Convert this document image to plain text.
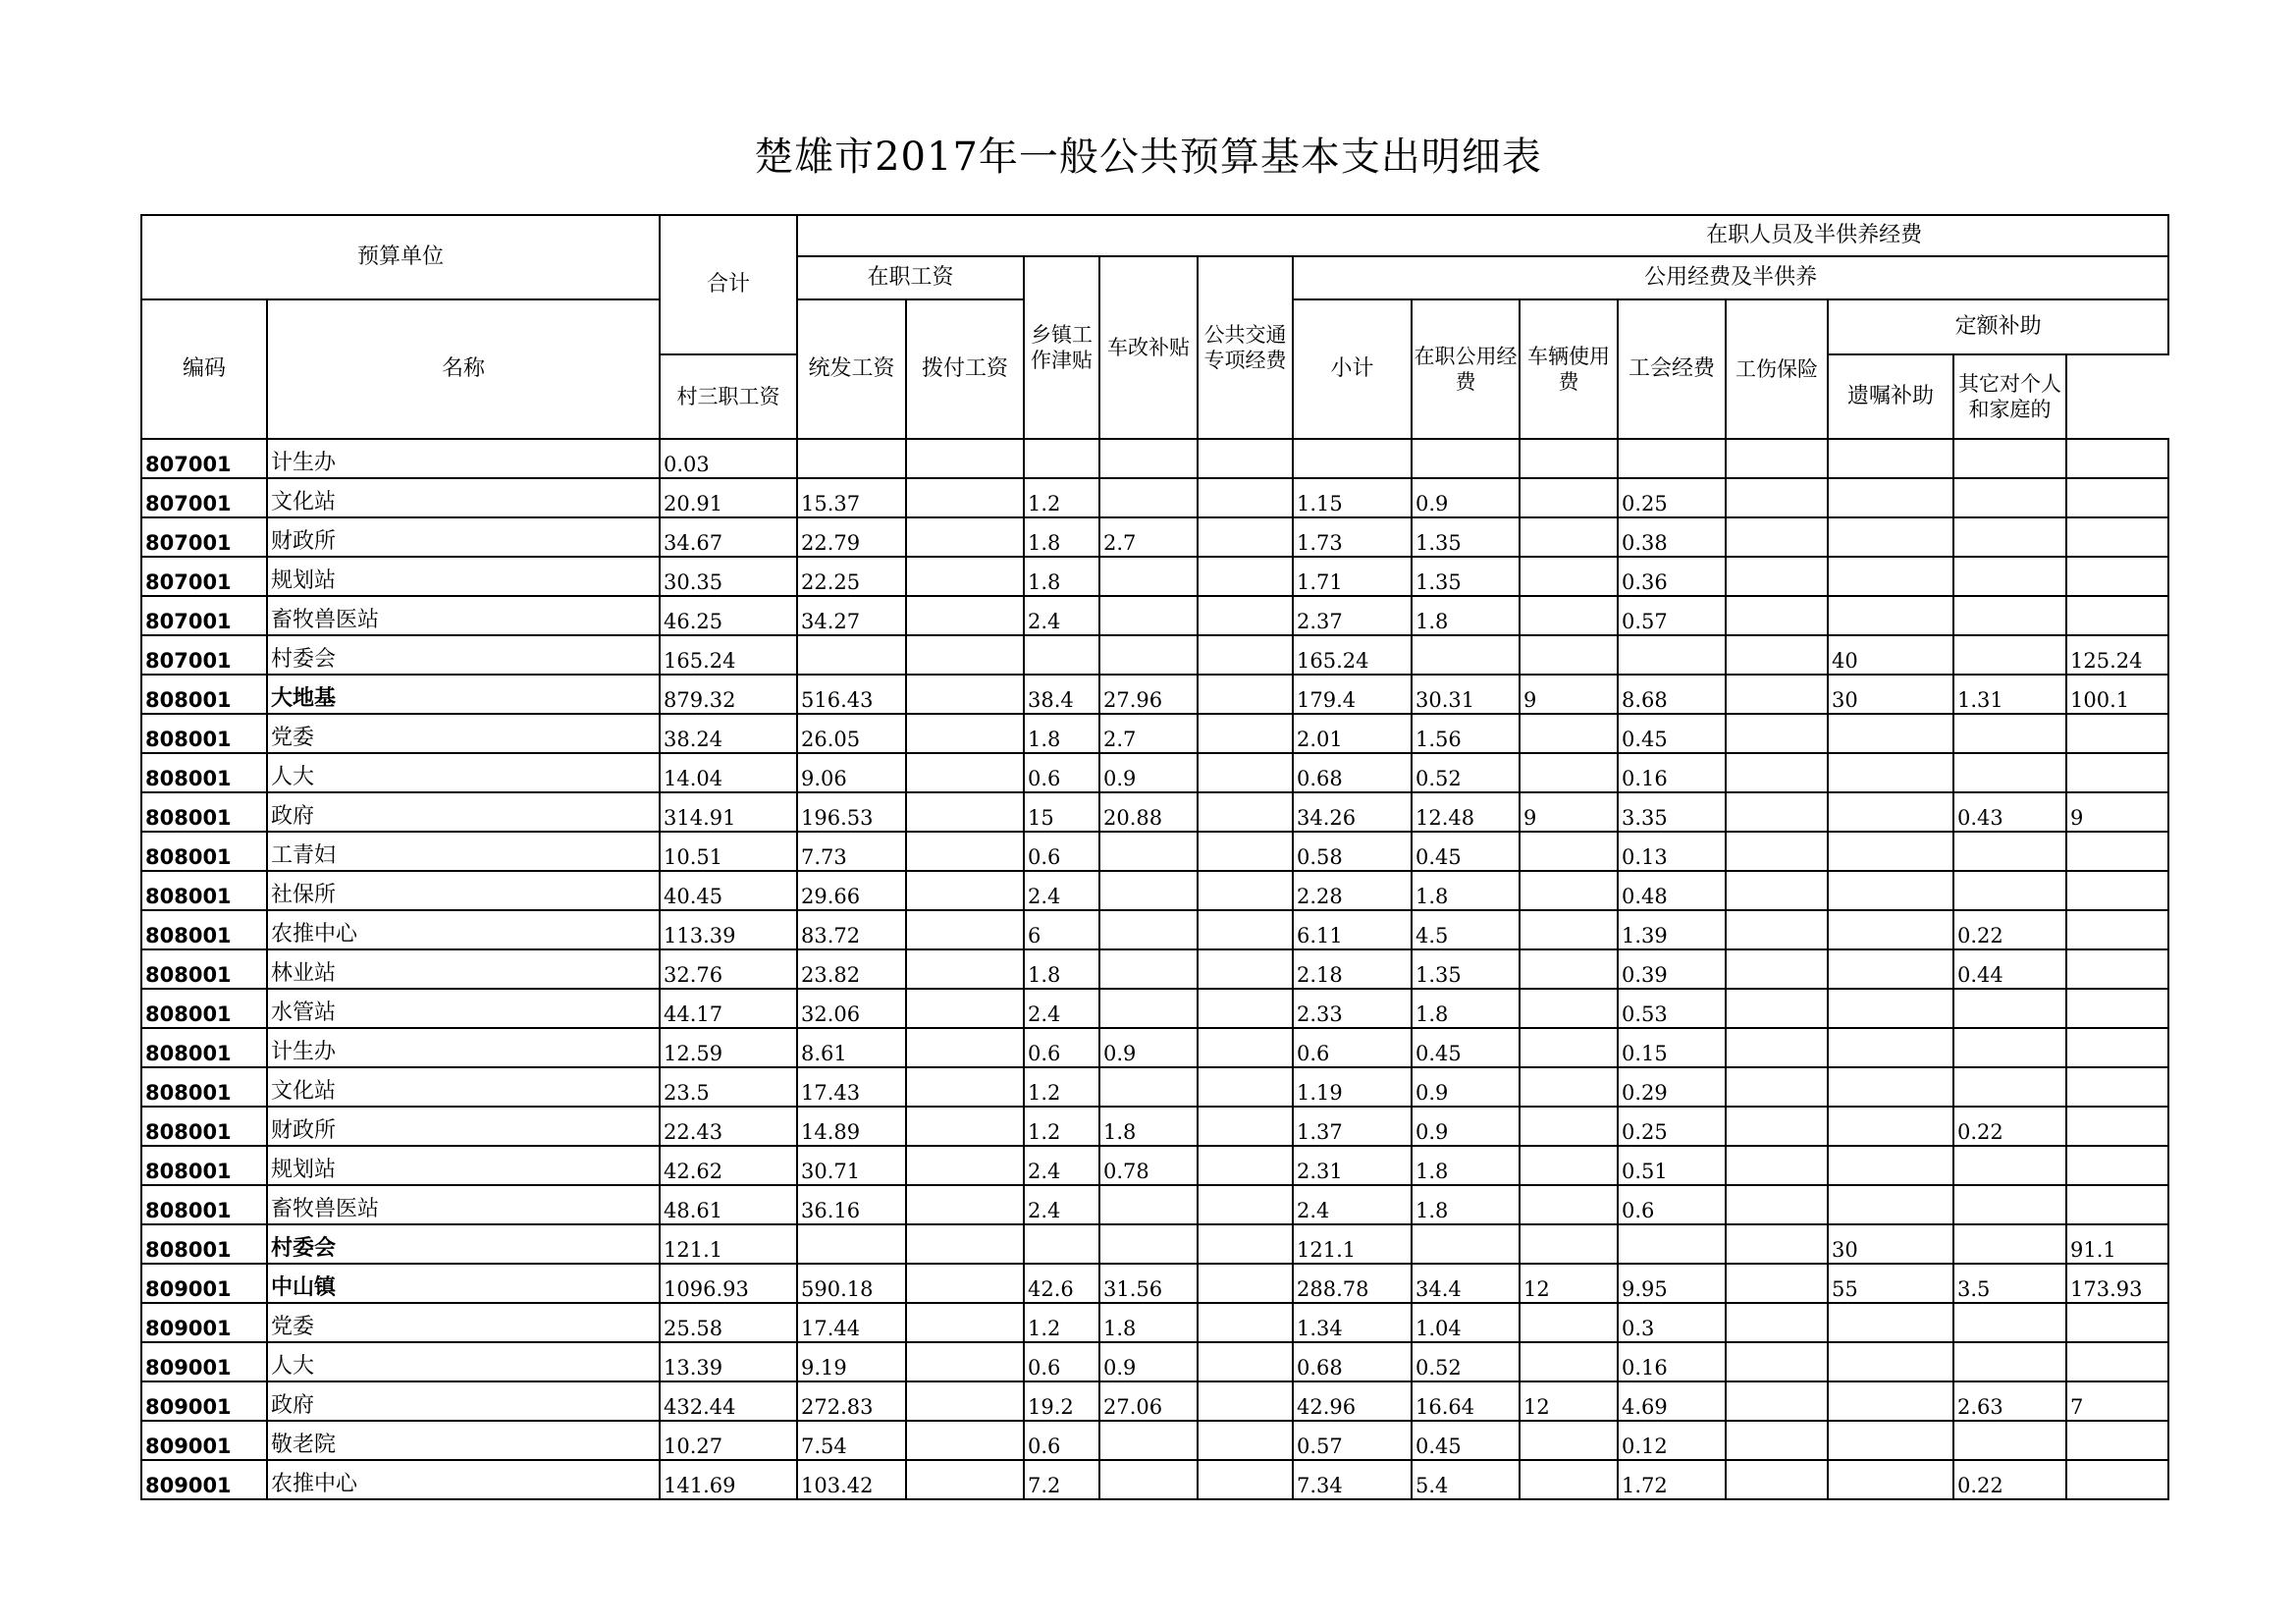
楚雄市2017年一般公共预算基本支出明细表
预算单位		合计	在职人员及半供养经费												
			在职工资		乡镇工作津贴	车改补贴	公共交通专项经费	公用经费及半供养							
编码	名称		统发工资	拨付工资				小计	在职公用经费	车辆使用费	工会经费	工伤保险	定额补助		
		村三职工资											遗嘱补助	其它对个人和家庭的	
807001	计生办	0.03													
807001	文化站	20.91	15.37		1.2			1.15	0.9		0.25				
807001	财政所	34.67	22.79		1.8	2.7		1.73	1.35		0.38				
807001	规划站	30.35	22.25		1.8			1.71	1.35		0.36				
807001	畜牧兽医站	46.25	34.27		2.4			2.37	1.8		0.57				
807001	村委会	165.24						165.24					40		125.24
808001	大地基	879.32	516.43		38.4	27.96		179.4	30.31	9	8.68		30	1.31	100.1
808001	党委	38.24	26.05		1.8	2.7		2.01	1.56		0.45				
808001	人大	14.04	9.06		0.6	0.9		0.68	0.52		0.16				
808001	政府	314.91	196.53		15	20.88		34.26	12.48	9	3.35			0.43	9
808001	工青妇	10.51	7.73		0.6			0.58	0.45		0.13				
808001	社保所	40.45	29.66		2.4			2.28	1.8		0.48				
808001	农推中心	113.39	83.72		6			6.11	4.5		1.39			0.22	
808001	林业站	32.76	23.82		1.8			2.18	1.35		0.39			0.44	
808001	水管站	44.17	32.06		2.4			2.33	1.8		0.53				
808001	计生办	12.59	8.61		0.6	0.9		0.6	0.45		0.15				
808001	文化站	23.5	17.43		1.2			1.19	0.9		0.29				
808001	财政所	22.43	14.89		1.2	1.8		1.37	0.9		0.25			0.22	
808001	规划站	42.62	30.71		2.4	0.78		2.31	1.8		0.51				
808001	畜牧兽医站	48.61	36.16		2.4			2.4	1.8		0.6				
808001	村委会	121.1						121.1					30		91.1
809001	中山镇	1096.93	590.18		42.6	31.56		288.78	34.4	12	9.95		55	3.5	173.93
809001	党委	25.58	17.44		1.2	1.8		1.34	1.04		0.3				
809001	人大	13.39	9.19		0.6	0.9		0.68	0.52		0.16				
809001	政府	432.44	272.83		19.2	27.06		42.96	16.64	12	4.69			2.63	7
809001	敬老院	10.27	7.54		0.6			0.57	0.45		0.12				
809001	农推中心	141.69	103.42		7.2			7.34	5.4		1.72			0.22	
